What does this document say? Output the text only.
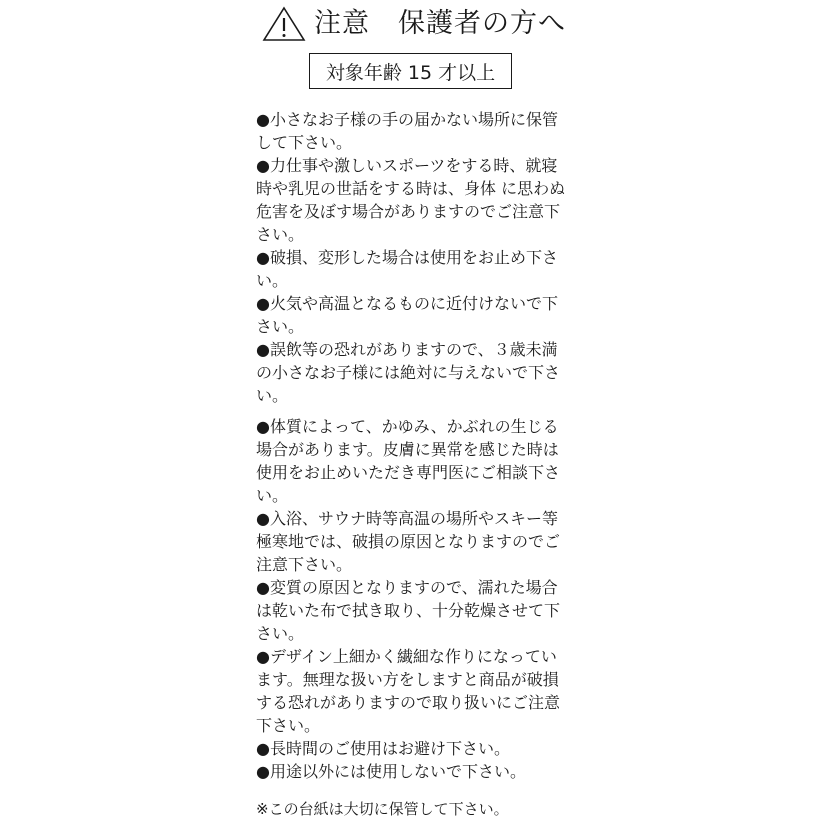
注意　保護者の方へ
対象年齢 15 才以上
●小さなお子様の手の届かない場所に保管して下さい。
●力仕事や激しいスポーツをする時、就寝時や乳児の世話をする時は、身体 に思わぬ危害を及ぼす場合がありますのでご注意下さい。
●破損、変形した場合は使用をお止め下さい。
●火気や高温となるものに近付けないで下さい。
●誤飲等の恐れがありますので、３歳未満の小さなお子様には絶対に与えないで下さい。
●体質によって、かゆみ、かぶれの生じる場合があります。皮膚に異常を感じた時は使用をお止めいただき専門医にご相談下さい。
●入浴、サウナ時等高温の場所やスキー等極寒地では、破損の原因となりますのでご注意下さい。
●変質の原因となりますので、濡れた場合は乾いた布で拭き取り、十分乾燥させて下さい。
●デザイン上細かく繊細な作りになっています。無理な扱い方をしますと商品が破損する恐れがありますので取り扱いにご注意下さい。
●長時間のご使用はお避け下さい。
●用途以外には使用しないで下さい。
※この台紙は大切に保管して下さい。
